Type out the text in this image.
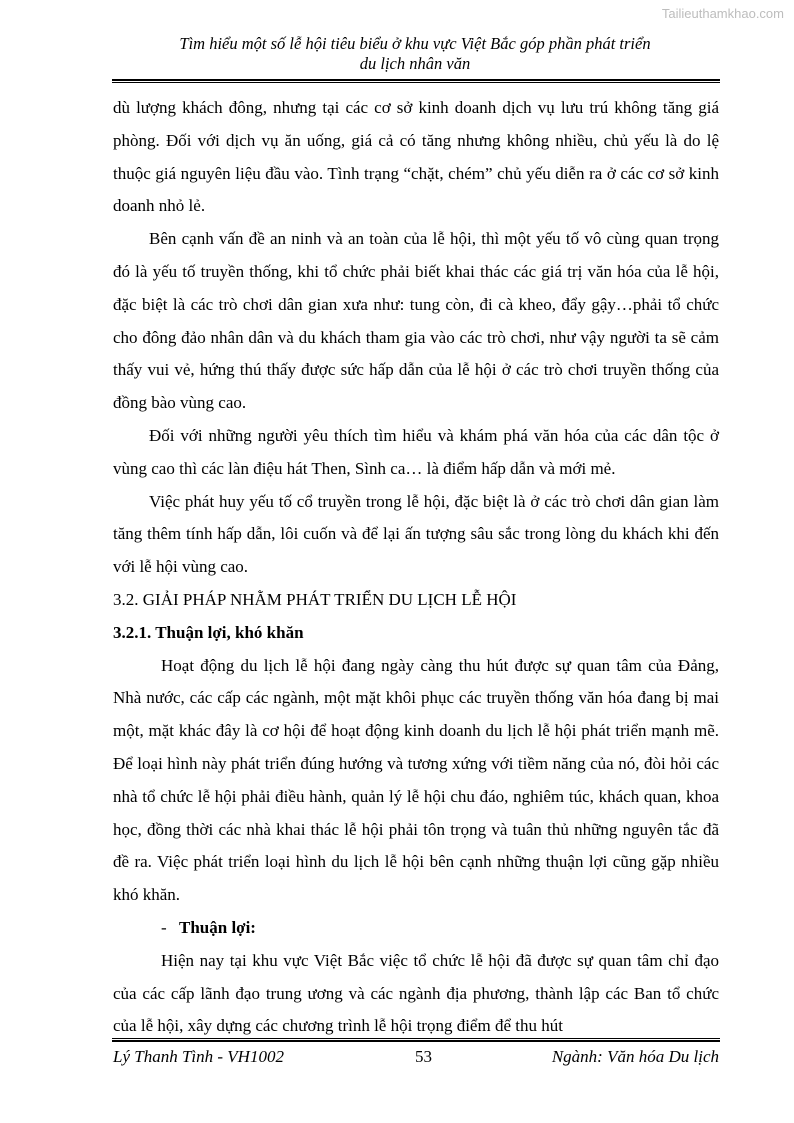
Tailieuthamkhao.com
Tìm hiểu một số lễ hội tiêu biểu ở khu vực Việt Bắc góp phần phát triển
du lịch nhân văn

dù lượng khách đông, nhưng tại các cơ sở kinh doanh dịch vụ lưu trú không tăng giá phòng. Đối với dịch vụ ăn uống, giá cả có tăng nhưng không nhiều, chủ yếu là do lệ thuộc giá nguyên liệu đầu vào. Tình trạng “chặt, chém” chủ yếu diễn ra ở các cơ sở kinh doanh nhỏ lẻ.

Bên cạnh vấn đề an ninh và an toàn của lễ hội, thì một yếu tố vô cùng quan trọng đó là yếu tố truyền thống, khi tổ chức phải biết khai thác các giá trị văn hóa của lễ hội, đặc biệt là các trò chơi dân gian xưa như: tung còn, đi cà kheo, đẩy gậy…phải tổ chức cho đông đảo nhân dân và du khách tham gia vào các trò chơi, như vậy người ta sẽ cảm thấy vui vẻ, hứng thú thấy được sức hấp dẫn của lễ hội ở các trò chơi truyền thống của đồng bào vùng cao.

Đối với những người yêu thích tìm hiểu và khám phá văn hóa của các dân tộc ở vùng cao thì các làn điệu hát Then, Sình ca… là điểm hấp dẫn và mới mẻ.

Việc phát huy yếu tố cổ truyền trong lễ hội, đặc biệt là ở các trò chơi dân gian làm tăng thêm tính hấp dẫn, lôi cuốn và để lại ấn tượng sâu sắc trong lòng du khách khi đến với lễ hội vùng cao.

3.2. GIẢI PHÁP NHẰM PHÁT TRIỂN DU LỊCH LỄ HỘI

3.2.1. Thuận lợi, khó khăn

Hoạt động du lịch lễ hội đang ngày càng thu hút được sự quan tâm của Đảng, Nhà nước, các cấp các ngành, một mặt khôi phục các truyền thống văn hóa đang bị mai một, mặt khác đây là cơ hội để hoạt động kinh doanh du lịch lễ hội phát triển mạnh mẽ. Để loại hình này phát triển đúng hướng và tương xứng với tiềm năng của nó, đòi hỏi các nhà tổ chức lễ hội phải điều hành, quản lý lễ hội chu đáo, nghiêm túc, khách quan, khoa học, đồng thời các nhà khai thác lễ hội phải tôn trọng và tuân thủ những nguyên tắc đã đề ra. Việc phát triển loại hình du lịch lễ hội bên cạnh những thuận lợi cũng gặp nhiều khó khăn.

- Thuận lợi:

Hiện nay tại khu vực Việt Bắc việc tổ chức lễ hội đã được sự quan tâm chỉ đạo của các cấp lãnh đạo trung ương và các ngành địa phương, thành lập các Ban tổ chức của lễ hội, xây dựng các chương trình lễ hội trọng điểm để thu hút

Lý Thanh Tình - VH1002	53	Ngành: Văn hóa Du lịch
